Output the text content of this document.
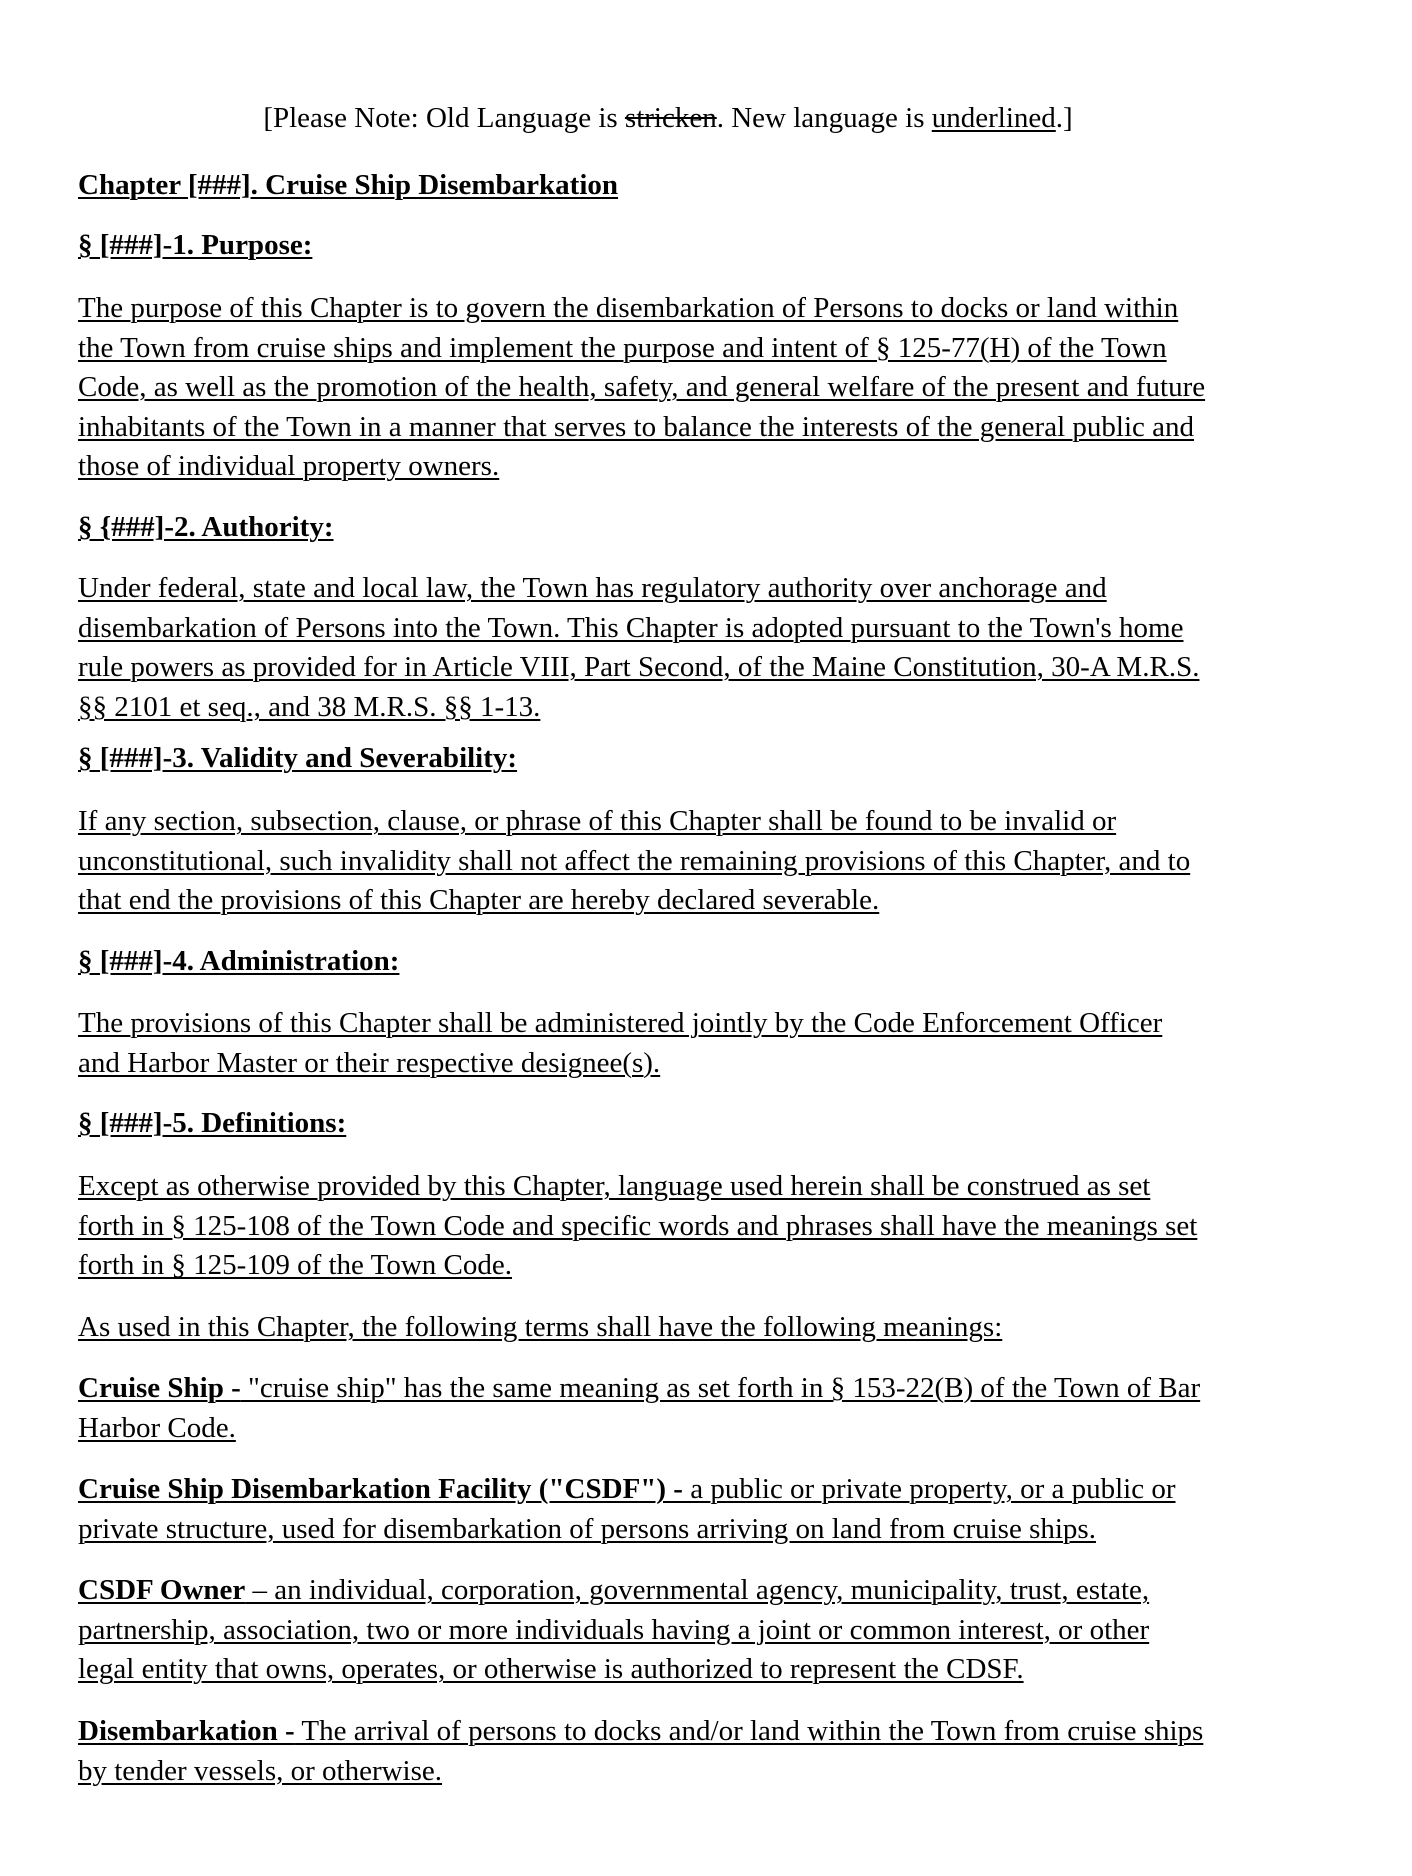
[Please Note: Old Language is stricken. New language is underlined.]
Chapter [###]. Cruise Ship Disembarkation
§ [###]-1. Purpose:
The purpose of this Chapter is to govern the disembarkation of Persons to docks or land within
the Town from cruise ships and implement the purpose and intent of § 125-77(H) of the Town
Code, as well as the promotion of the health, safety, and general welfare of the present and future
inhabitants of the Town in a manner that serves to balance the interests of the general public and
those of individual property owners.
§ {###]-2. Authority:
Under federal, state and local law, the Town has regulatory authority over anchorage and
disembarkation of Persons into the Town. This Chapter is adopted pursuant to the Town's home
rule powers as provided for in Article VIII, Part Second, of the Maine Constitution, 30-A M.R.S.
§§ 2101 et seq., and 38 M.R.S. §§ 1-13.
§ [###]-3. Validity and Severability:
If any section, subsection, clause, or phrase of this Chapter shall be found to be invalid or
unconstitutional, such invalidity shall not affect the remaining provisions of this Chapter, and to
that end the provisions of this Chapter are hereby declared severable.
§ [###]-4. Administration:
The provisions of this Chapter shall be administered jointly by the Code Enforcement Officer
and Harbor Master or their respective designee(s).
§ [###]-5. Definitions:
Except as otherwise provided by this Chapter, language used herein shall be construed as set
forth in § 125-108 of the Town Code and specific words and phrases shall have the meanings set
forth in § 125-109 of the Town Code.
As used in this Chapter, the following terms shall have the following meanings:
Cruise Ship - "cruise ship" has the same meaning as set forth in § 153-22(B) of the Town of Bar
Harbor Code.
Cruise Ship Disembarkation Facility ("CSDF") - a public or private property, or a public or
private structure, used for disembarkation of persons arriving on land from cruise ships.
CSDF Owner – an individual, corporation, governmental agency, municipality, trust, estate,
partnership, association, two or more individuals having a joint or common interest, or other
legal entity that owns, operates, or otherwise is authorized to represent the CDSF.
Disembarkation - The arrival of persons to docks and/or land within the Town from cruise ships
by tender vessels, or otherwise.
